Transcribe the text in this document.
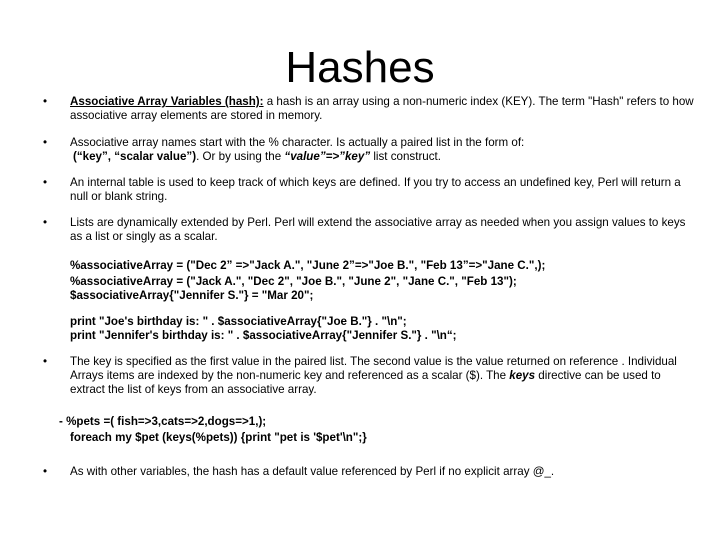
Hashes
• Associative Array Variables (hash): a hash is an array using a non-numeric index (KEY). The term "Hash" refers to how associative array elements are stored in memory.
• Associative array names start with the % character. Is actually a paired list in the form of:
(“key”, “scalar value”). Or by using the “value”=>”key” list construct.
• An internal table is used to keep track of which keys are defined. If you try to access an undefined key, Perl will return a null or blank string.
• Lists are dynamically extended by Perl. Perl will extend the associative array as needed when you assign values to keys as a list or singly as a scalar.
%associativeArray = ("Dec 2” =>"Jack A.", "June 2”=>"Joe B.", "Feb 13”=>"Jane C.",);
%associativeArray = ("Jack A.", "Dec 2", "Joe B.", "June 2", "Jane C.", "Feb 13");
$associativeArray{"Jennifer S."} = "Mar 20";
print "Joe's birthday is: " . $associativeArray{"Joe B."} . "\n";
print "Jennifer's birthday is: " . $associativeArray{"Jennifer S."} . "\n“;
• The key is specified as the first value in the paired list. The second value is the value returned on reference . Individual Arrays items are indexed by the non-numeric key and referenced as a scalar ($). The keys directive can be used to extract the list of keys from an associative array.
- %pets =( fish=>3,cats=>2,dogs=>1,);
foreach my $pet (keys(%pets)) {print "pet is '$pet'\n";}
• As with other variables, the hash has a default value referenced by Perl if no explicit array @_.
